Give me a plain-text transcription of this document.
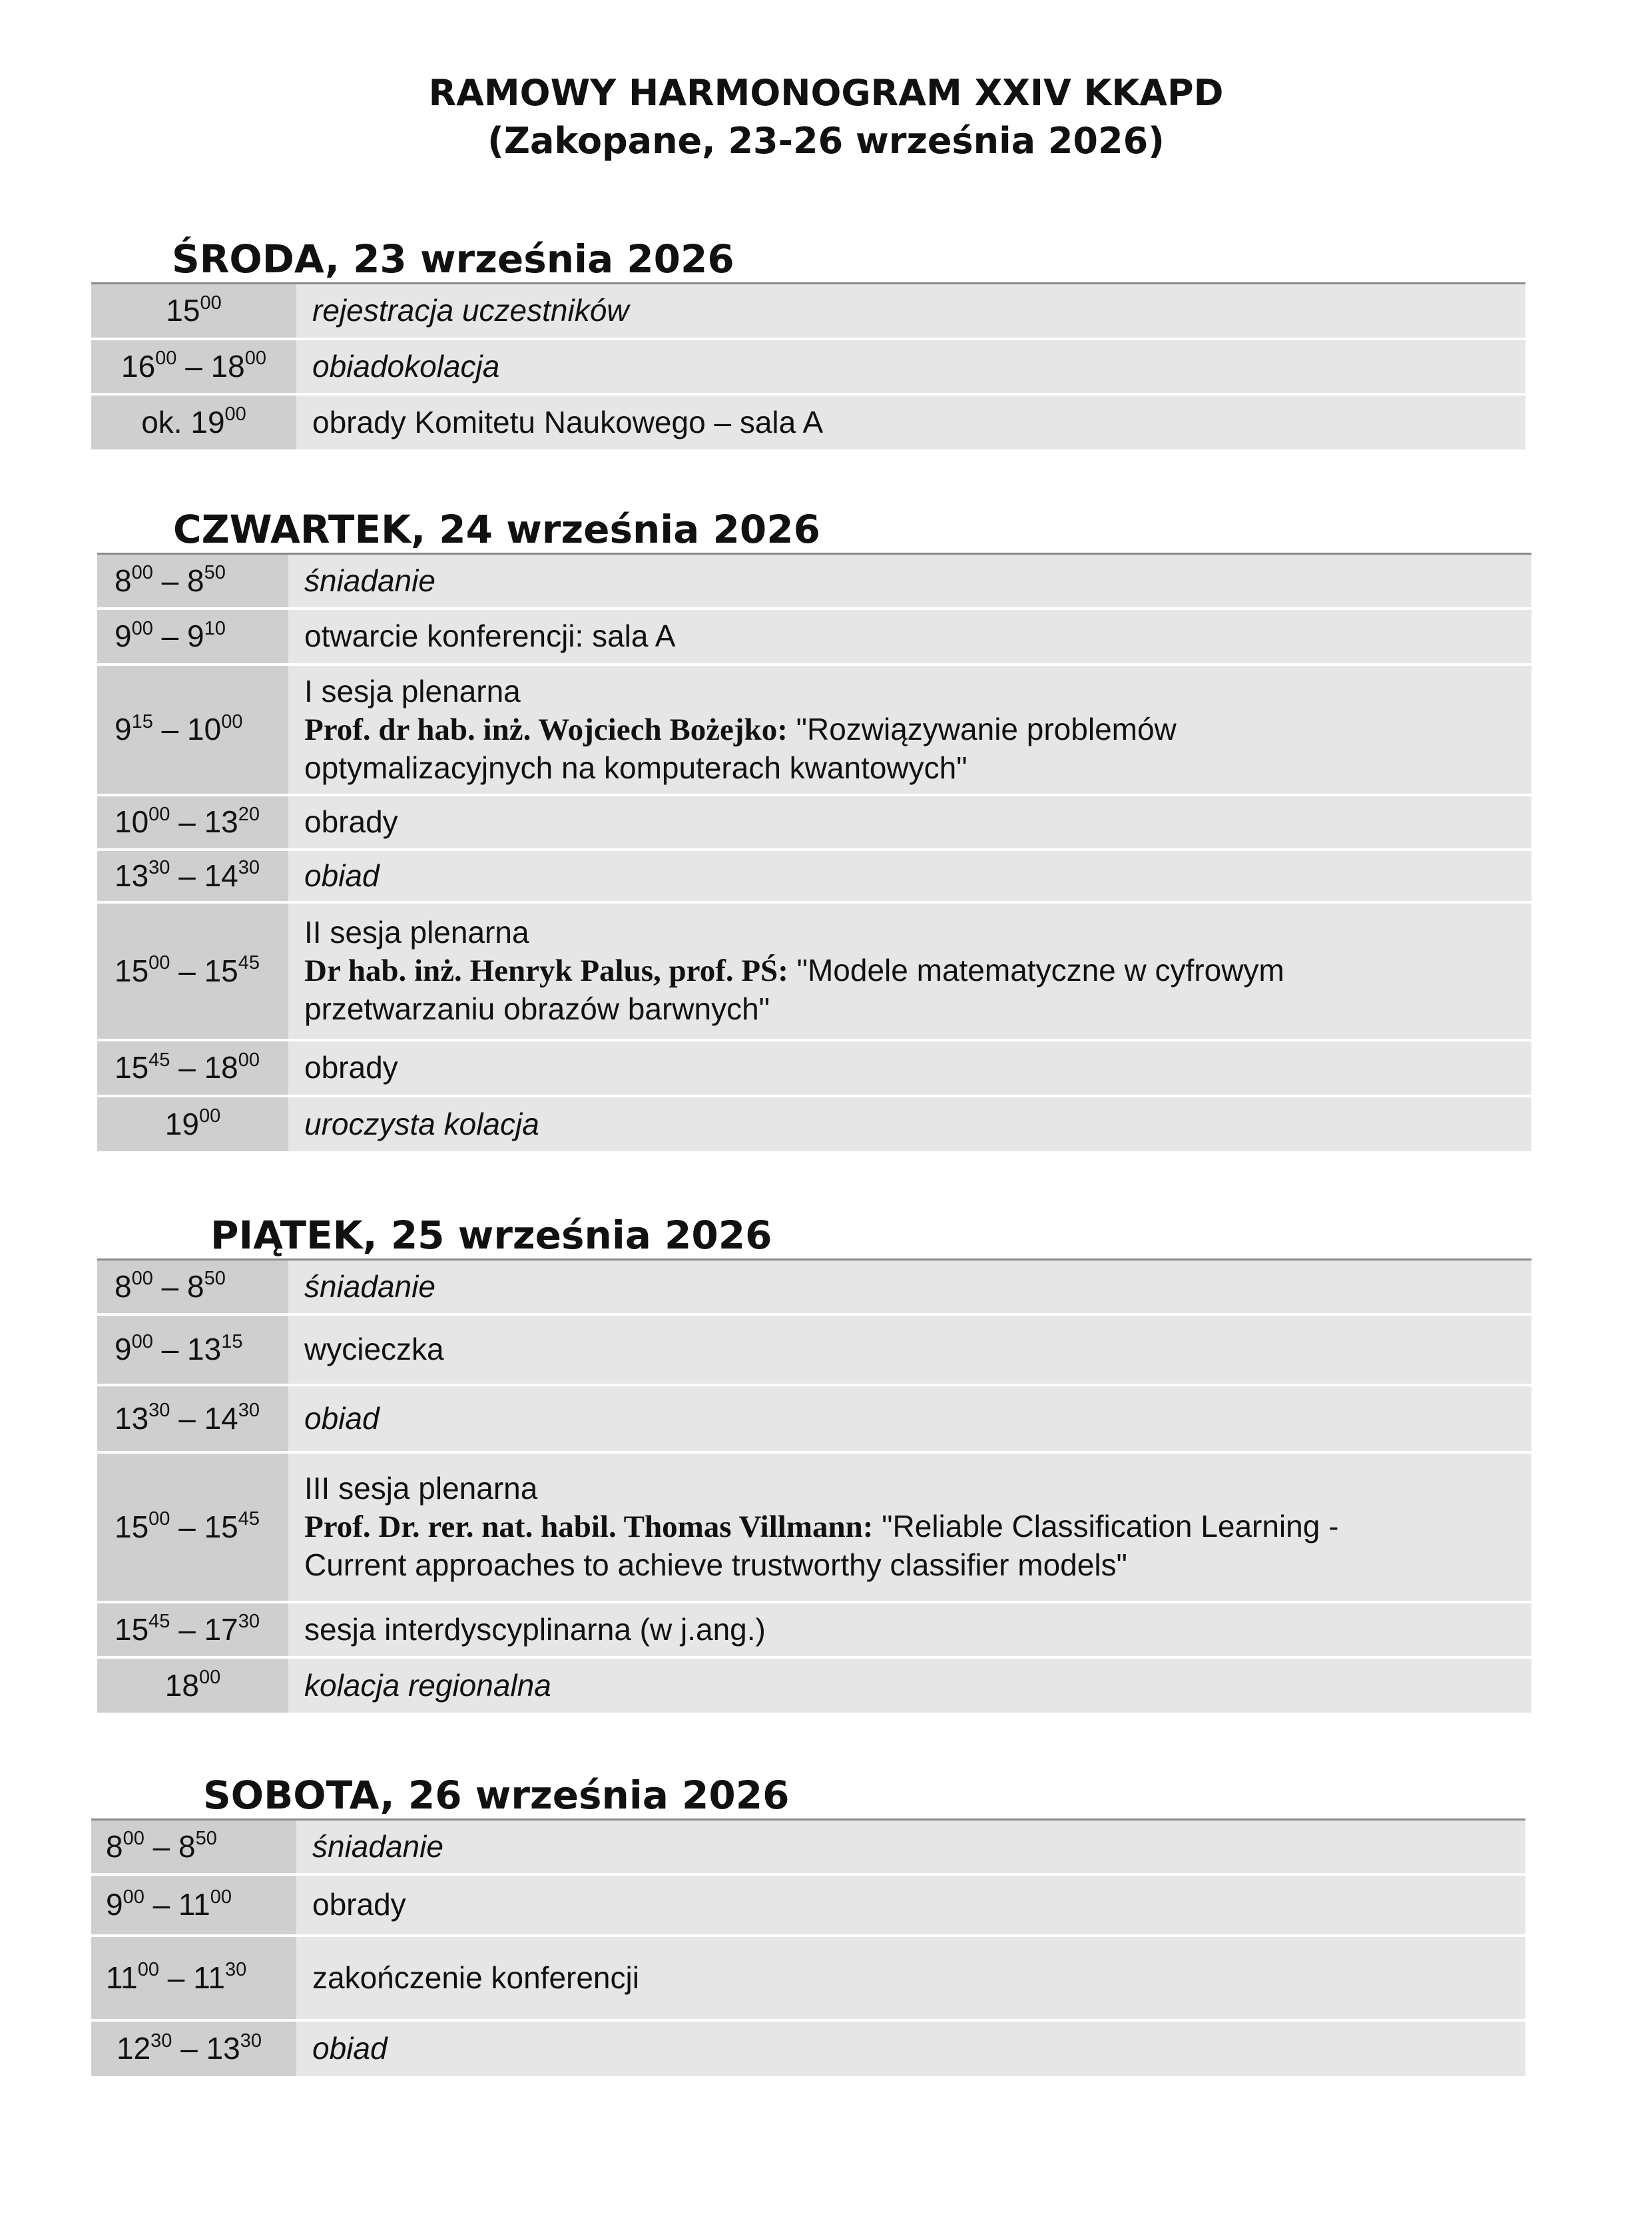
RAMOWY HARMONOGRAM XXIV KKAPD
(Zakopane, 23-26 września 2026)
ŚRODA, 23 września 2026
$15^{00}$	rejestracja uczestników
$16^{00} - 18^{00}$	obiadokolacja
ok. $19^{00}$	obrady Komitetu Naukowego – sala A
CZWARTEK, 24 września 2026
$8^{00} - 8^{50}$	śniadanie
$9^{00} - 9^{10}$	otwarcie konferencji: sala A
$9^{15} - 10^{00}$	I sesja plenarna
Prof. dr hab. inż. Wojciech Bożejko: "Rozwiązywanie problemów
optymalizacyjnych na komputerach kwantowych"

$10^{00} - 13^{20}$	obrady
$13^{30} - 14^{30}$	obiad
$15^{00} - 15^{45}$	II sesja plenarna
Dr hab. inż. Henryk Palus, prof. PŚ: "Modele matematyczne w cyfrowym
przetwarzaniu obrazów barwnych"

$15^{45} - 18^{00}$	obrady
$19^{00}$	uroczysta kolacja
PIĄTEK, 25 września 2026
$8^{00} - 8^{50}$	śniadanie
$9^{00} - 13^{15}$	wycieczka
$13^{30} - 14^{30}$	obiad
$15^{00} - 15^{45}$	III sesja plenarna
Prof. Dr. rer. nat. habil. Thomas Villmann: "Reliable Classification Learning -
Current approaches to achieve trustworthy classifier models"

$15^{45} - 17^{30}$	sesja interdyscyplinarna (w j.ang.)
$18^{00}$	kolacja regionalna
SOBOTA, 26 września 2026
$8^{00} - 8^{50}$	śniadanie
$9^{00} - 11^{00}$	obrady
$11^{00} - 11^{30}$	zakończenie konferencji
$12^{30} - 13^{30}$	obiad
